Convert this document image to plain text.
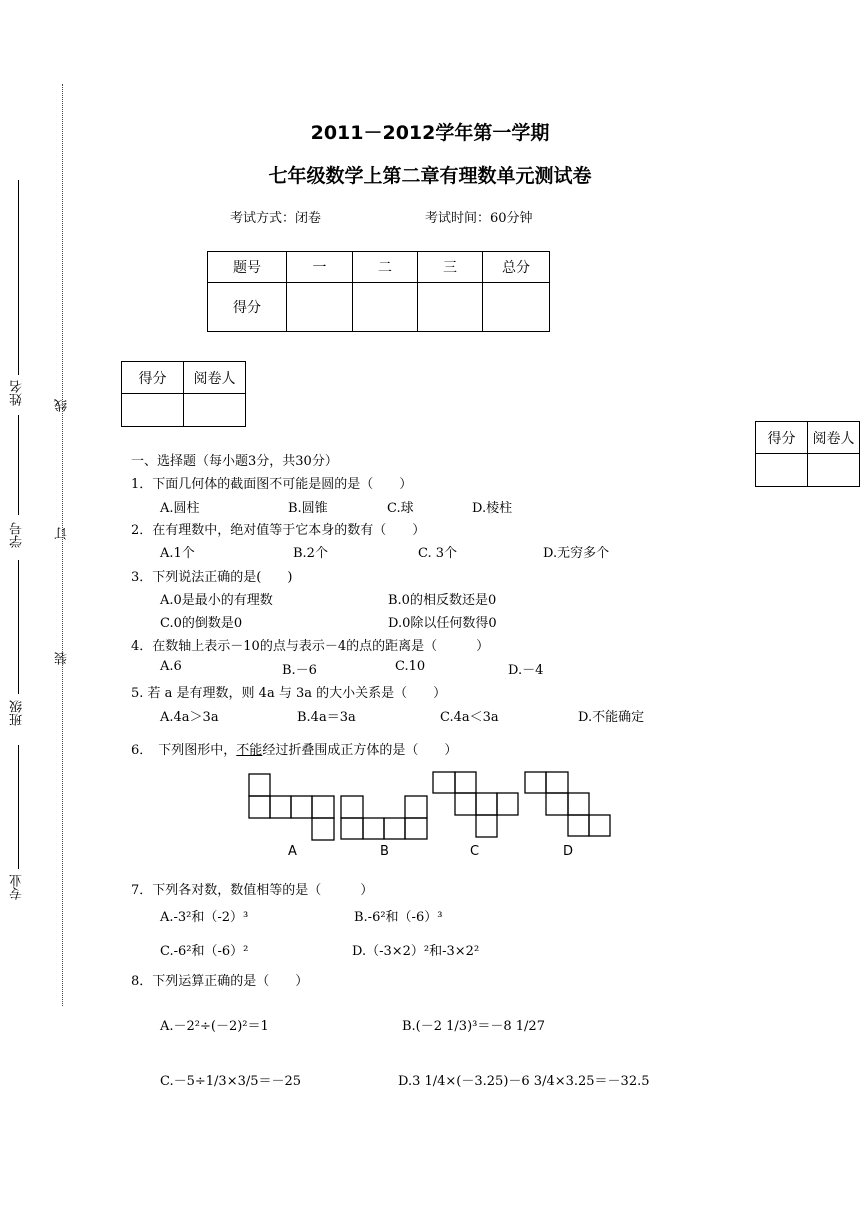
姓名
学号
班级
专业
线
订
装
2011－2012学年第一学期
七年级数学上第二章有理数单元测试卷
考试方式：闭卷	考试时间：60分钟
题号	一	二	三	总分
得分				
得分	阅卷人

得分	阅卷人

一、选择题（每小题3分，共30分）
1．下面几何体的截面图不可能是圆的是（　　）
A.圆柱	B.圆锥	C.球	D.棱柱
2．在有理数中，绝对值等于它本身的数有（　　）
A.1个	B.2个	C. 3个	D.无穷多个
3．下列说法正确的是(　　)
A.0是最小的有理数	B.0的相反数还是0
C.0的倒数是0	D.0除以任何数得0
4．在数轴上表示－10的点与表示－4的点的距离是（　　　）
A.6	B.－6	C.10	D.－4
5. 若 a 是有理数，则 4a 与 3a 的大小关系是（　　）
A.4a＞3a	B.4a＝3a	C.4a＜3a	D.不能确定
6． 下列图形中，不能经过折叠围成正方体的是（　　）
A	B	C	D
7．下列各对数，数值相等的是（　　　）
A.-3²和（-2）³	B.-6²和（-6）³
C.-6²和（-6）²	D.（-3×2）²和-3×2²
8．下列运算正确的是（　　）
A.－2²÷(－2)²＝1	B.(－2 1/3)³＝－8 1/27
C.－5÷1/3×3/5＝－25	D.3 1/4×(－3.25)－6 3/4×3.25＝－32.5
